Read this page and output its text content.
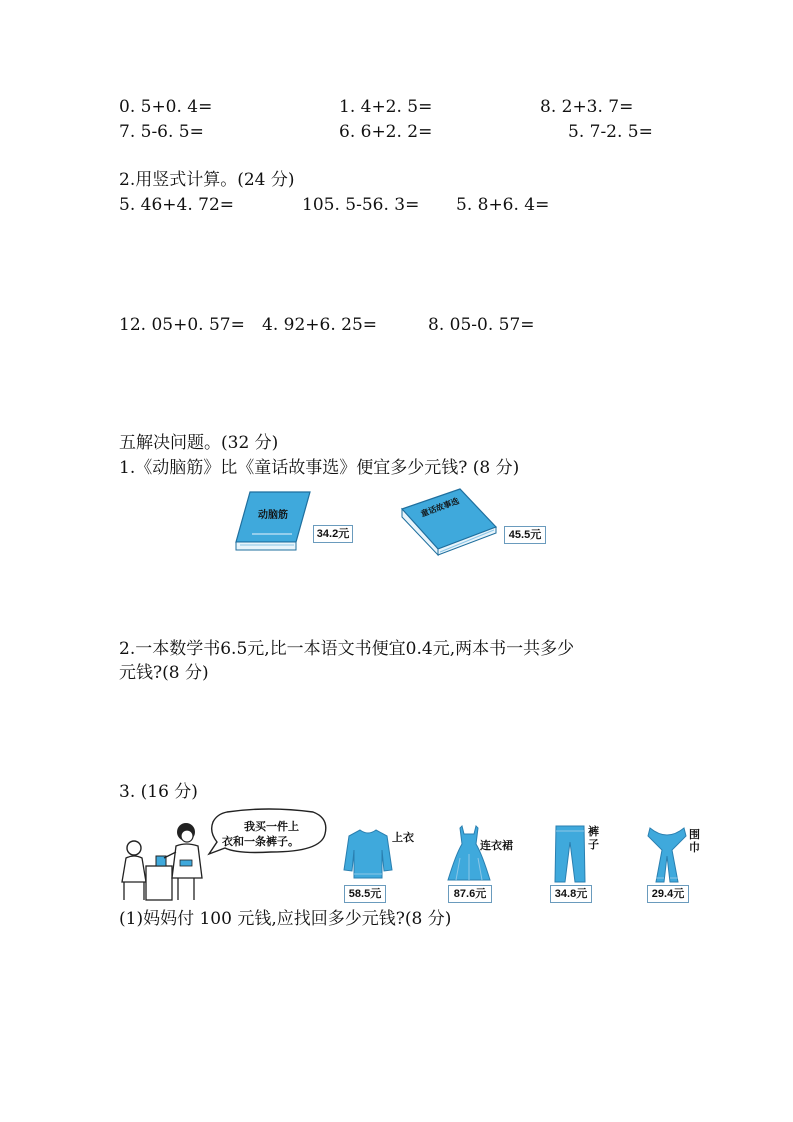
0. 5+0. 4=	1. 4+2. 5=	8. 2+3. 7=
7. 5-6. 5=	6. 6+2. 2=	5. 7-2. 5=
2.用竖式计算。(24 分)
5. 46+4. 72=	105. 5-56. 3= 5. 8+6. 4=
12. 05+0. 57= 4. 92+6. 25=	8. 05-0. 57=
五解决问题。(32 分)
1.《动脑筋》比《童话故事选》便宜多少元钱? (8 分)
动脑筋
34.2元
童话故事选
45.5元
2.一本数学书6.5元,比一本语文书便宜0.4元,两本书一共多少
元钱?(8 分)
3. (16 分)
我买一件上
衣和一条裤子。	上衣
58.5元
连衣裙
87.6元
裤子
34.8元
围巾
29.4元
(1)妈妈付 100 元钱,应找回多少元钱?(8 分)
